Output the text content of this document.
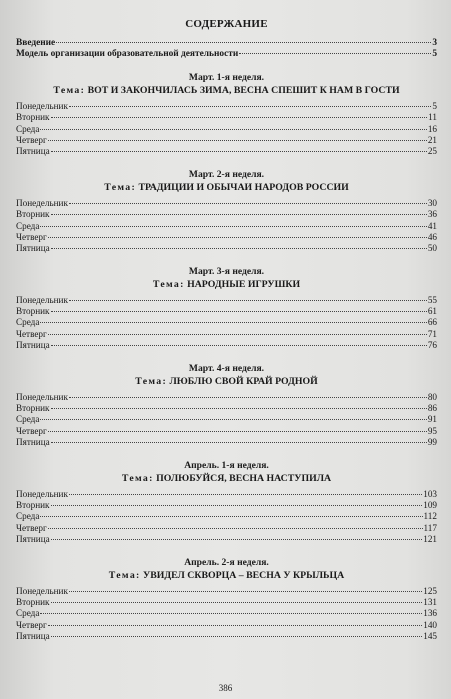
СОДЕРЖАНИЕ
Введение	3
Модель организации образовательной деятельности	5
Март. 1-я неделя.
Тема: ВОТ И ЗАКОНЧИЛАСЬ ЗИМА, ВЕСНА СПЕШИТ К НАМ В ГОСТИ
Понедельник	5
Вторник	11
Среда	16
Четверг	21
Пятница	25
Март. 2-я неделя.
Тема: ТРАДИЦИИ И ОБЫЧАИ НАРОДОВ РОССИИ
Понедельник	30
Вторник	36
Среда	41
Четверг	46
Пятница	50
Март. 3-я неделя.
Тема: НАРОДНЫЕ ИГРУШКИ
Понедельник	55
Вторник	61
Среда	66
Четверг	71
Пятница	76
Март. 4-я неделя.
Тема: ЛЮБЛЮ СВОЙ КРАЙ РОДНОЙ
Понедельник	80
Вторник	86
Среда	91
Четверг	95
Пятница	99
Апрель. 1-я неделя.
Тема: ПОЛЮБУЙСЯ, ВЕСНА НАСТУПИЛА
Понедельник	103
Вторник	109
Среда	112
Четверг	117
Пятница	121
Апрель. 2-я неделя.
Тема: УВИДЕЛ СКВОРЦА – ВЕСНА У КРЫЛЬЦА
Понедельник	125
Вторник	131
Среда	136
Четверг	140
Пятница	145
386
